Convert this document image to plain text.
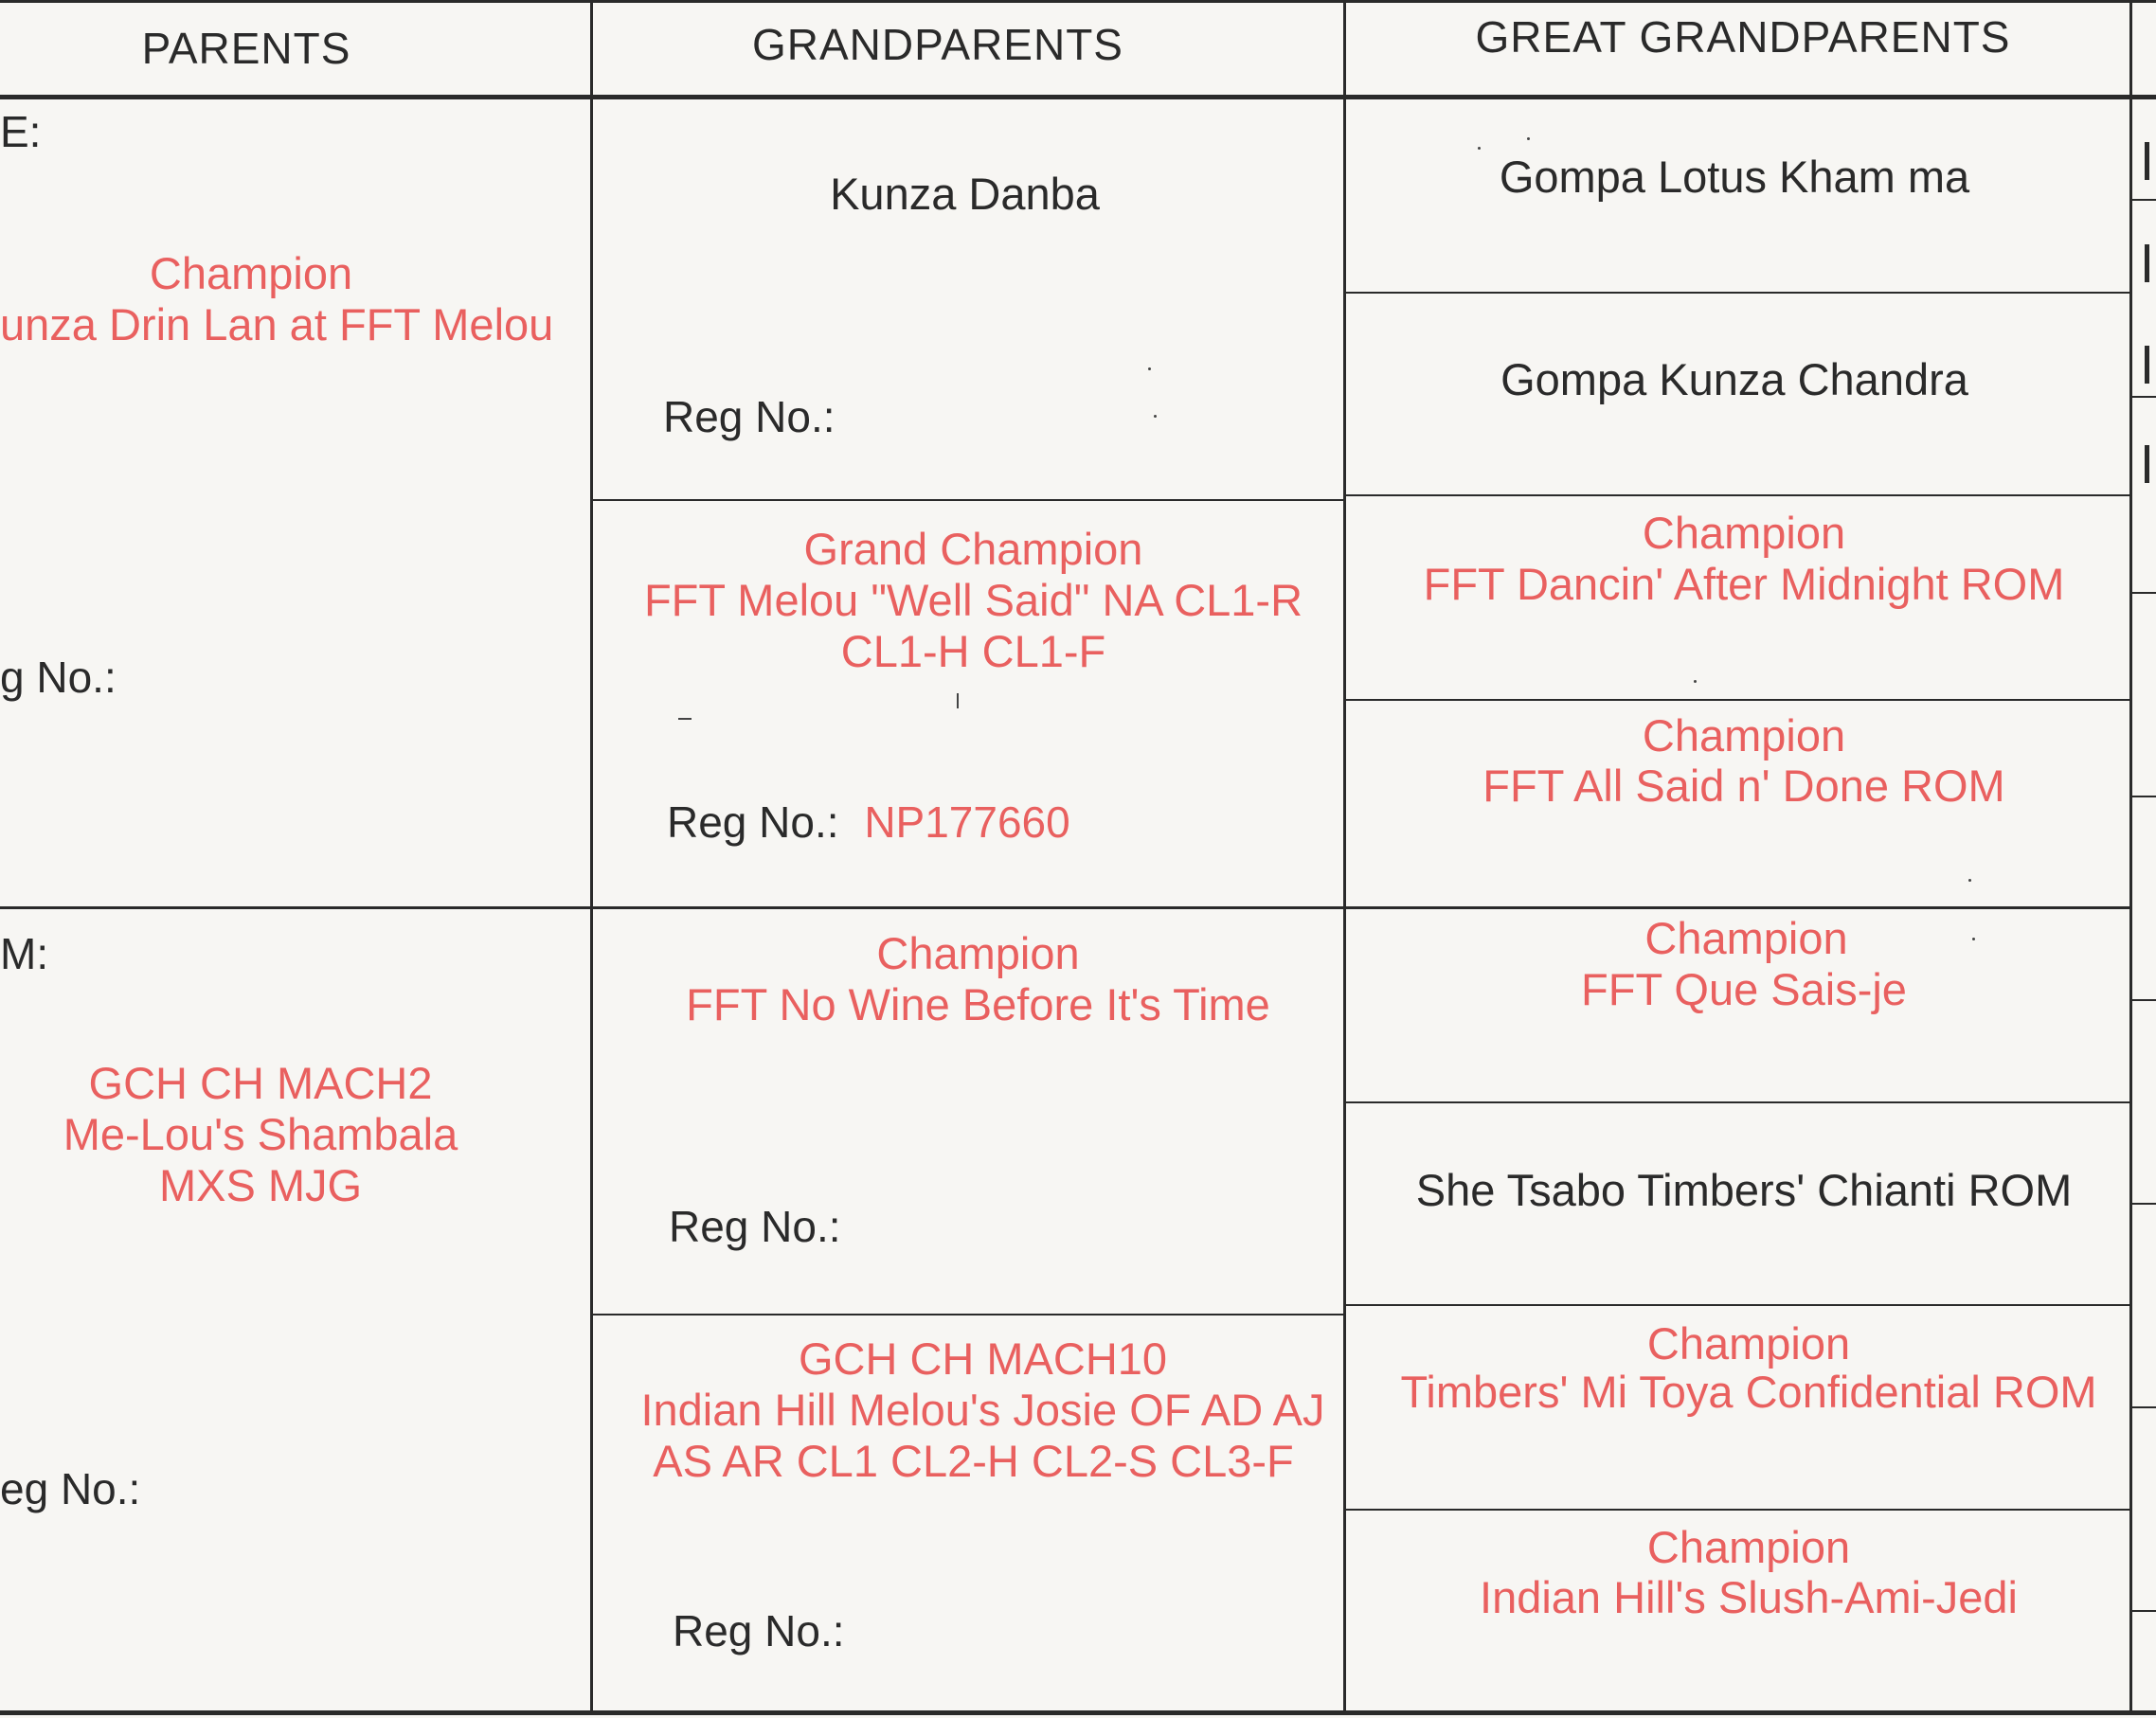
PARENTS	GRANDPARENTS	GREAT GRANDPARENTS
E:
Champion
unza Drin Lan at FFT Melou
g No.:
M:
GCH CH MACH2
Me-Lou's Shambala
MXS MJG
eg No.:
Kunza Danba
Reg No.:
Grand Champion
FFT Melou "Well Said" NA CL1-R
CL1-H CL1-F
Reg No.: NP177660
Champion
FFT No Wine Before It's Time
Reg No.:
GCH CH MACH10
Indian Hill Melou's Josie OF AD AJ
AS AR CL1 CL2-H CL2-S CL3-F
Reg No.:
Gompa Lotus Kham ma
Gompa Kunza Chandra
Champion
FFT Dancin' After Midnight ROM
Champion
FFT All Said n' Done ROM
Champion
FFT Que Sais-je
She Tsabo Timbers' Chianti ROM
Champion
Timbers' Mi Toya Confidential ROM
Champion
Indian Hill's Slush-Ami-Jedi
